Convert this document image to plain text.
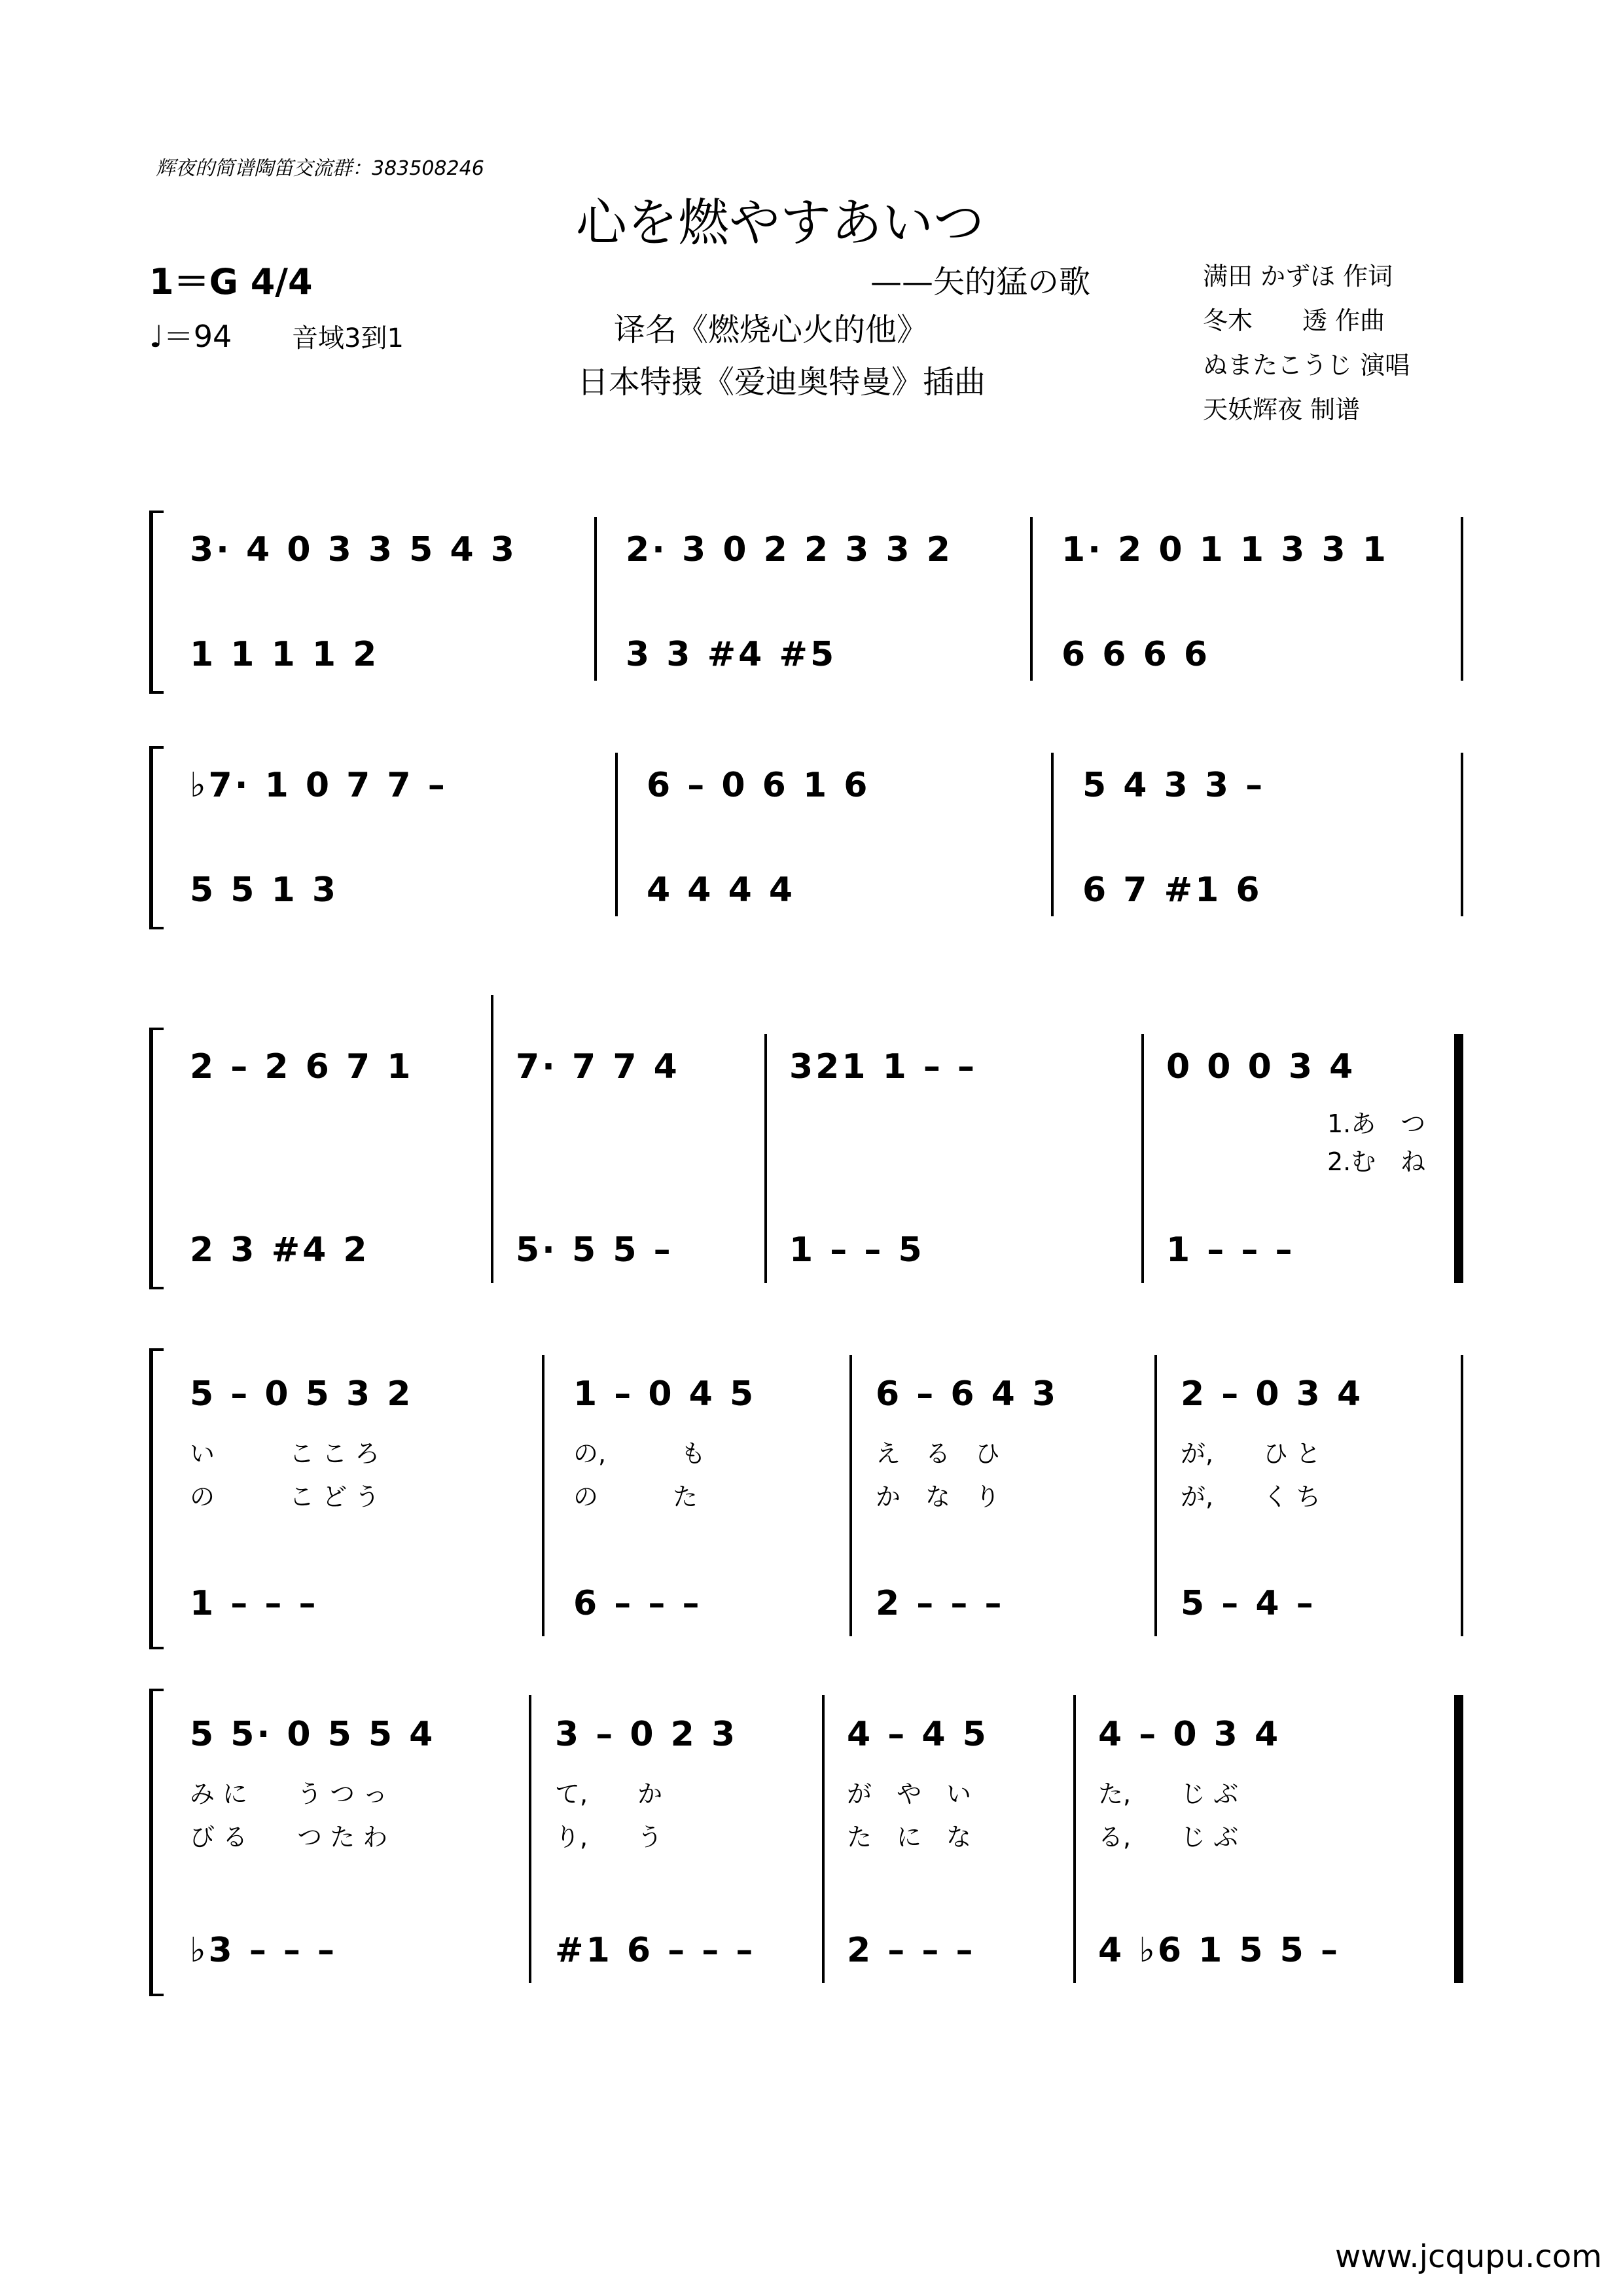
辉夜的简谱陶笛交流群：383508246
心を燃やすあいつ
——矢的猛の歌
1＝G 4/4
♩＝94 音域3到1	译名《燃烧心火的他》
日本特摄《爱迪奥特曼》插曲
满田 かずほ 作词
冬木　　透 作曲
ぬまたこうじ 演唱
天妖辉夜 制谱
3· 4 0 3 3 5 4 3	2· 3 0 2 2 3 3 2	1· 2 0 1 1 3 3 1
1 1 1 1 2	3 3 #4 #5	6 6 6 6
♭7· 1 0 7 7 –	6 – 0 6 1 6	5 4 3 3 –
5 5 1 3	4 4 4 4	6 7 #1 6
2 – 2 6 7 1	7· 7 7 4	321 1 – –	0 0 0 3 4
1.あ　つ
2.む　ね
2 3 #4 2	5· 5 5 –	1 – – 5	1 – – –
5 – 0 5 3 2	1 – 0 4 5	6 – 6 4 3	2 – 0 3 4
い　　　こ こ ろ	の,　　　も	え　る　ひ	が,　　ひ と
の　　　こ ど う	の　　　た	か　な　り	が,　　く ち
1 – – –	6 – – –	2 – – –	5 – 4 –
5 5· 0 5 5 4	3 – 0 2 3	4 – 4 5	4 – 0 3 4
み に　　う つ っ	て,　　か	が　や　い	た,　　じ ぶ
び る　　つ た わ	り,　　う	た　に　な	る,　　じ ぶ
♭3 – – –	#1 6 – – –	2 – – –	4 ♭6 1 5 5 –
www.jcqupu.com
